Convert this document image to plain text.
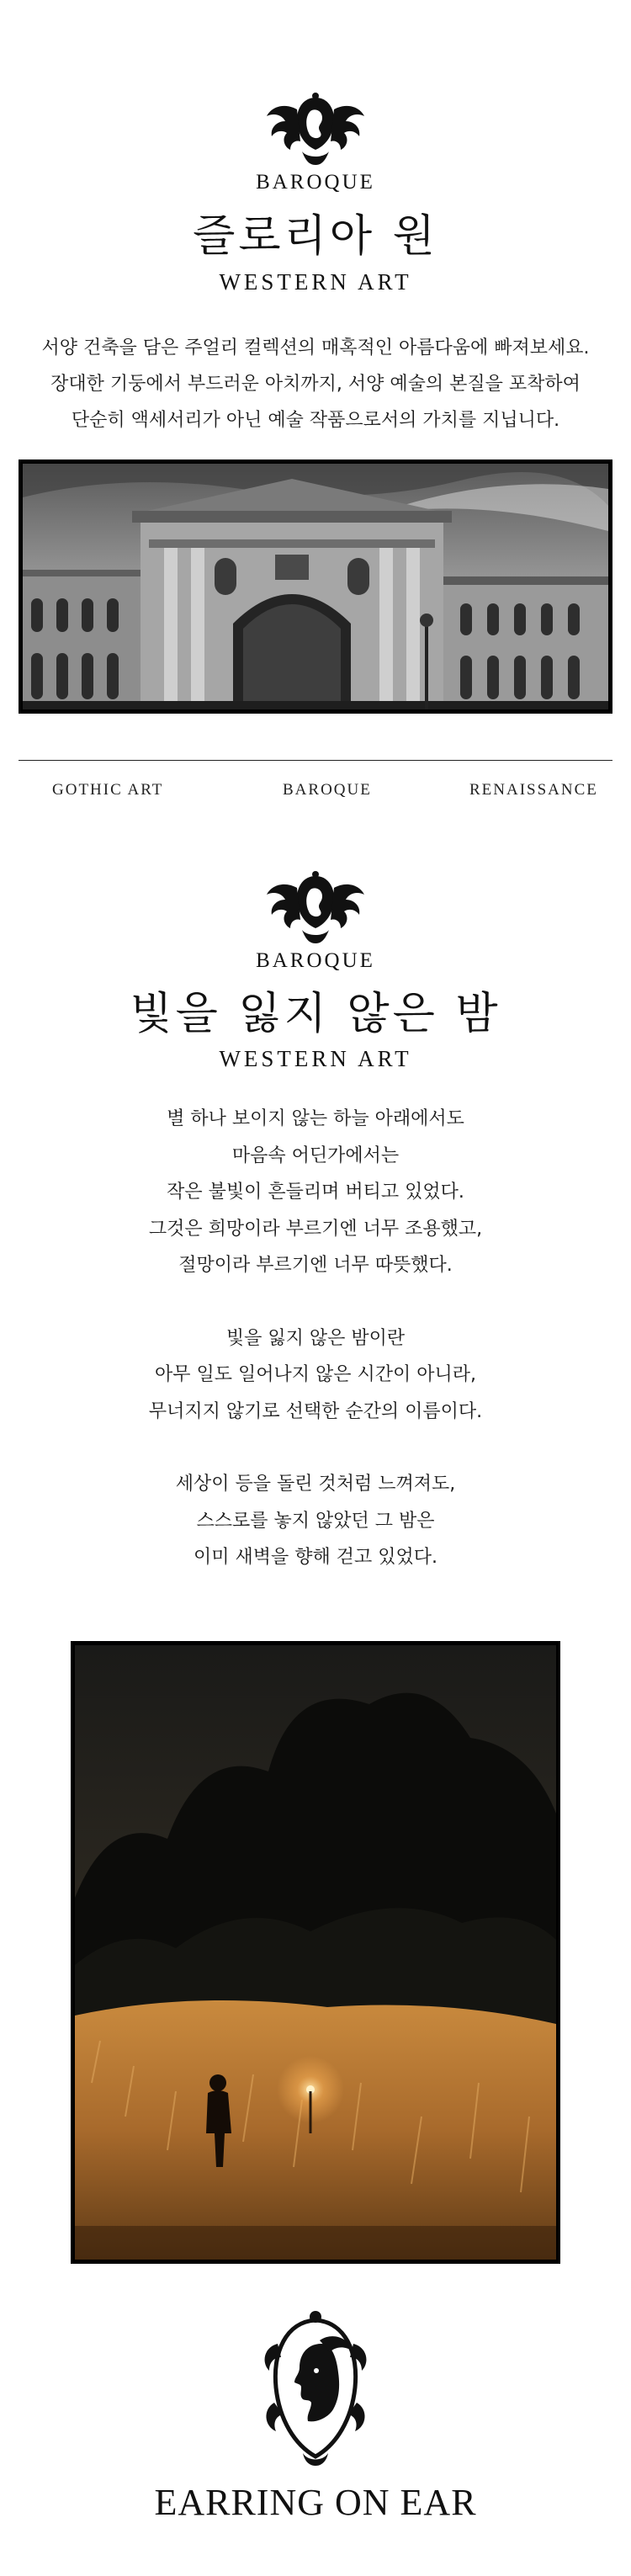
BAROQUE
즐로리아 원
WESTERN ART
서양 건축을 담은 주얼리 컬렉션의 매혹적인 아름다움에 빠져보세요.
장대한 기둥에서 부드러운 아치까지, 서양 예술의 본질을 포착하여
단순히 액세서리가 아닌 예술 작품으로서의 가치를 지닙니다.
GOTHIC ART	BAROQUE	RENAISSANCE
BAROQUE
빛을 잃지 않은 밤
WESTERN ART
별 하나 보이지 않는 하늘 아래에서도
마음속 어딘가에서는
작은 불빛이 흔들리며 버티고 있었다.
그것은 희망이라 부르기엔 너무 조용했고,
절망이라 부르기엔 너무 따뜻했다.
빛을 잃지 않은 밤이란
아무 일도 일어나지 않은 시간이 아니라,
무너지지 않기로 선택한 순간의 이름이다.
세상이 등을 돌린 것처럼 느껴져도,
스스로를 놓지 않았던 그 밤은
이미 새벽을 향해 걷고 있었다.
EARRING ON EAR
